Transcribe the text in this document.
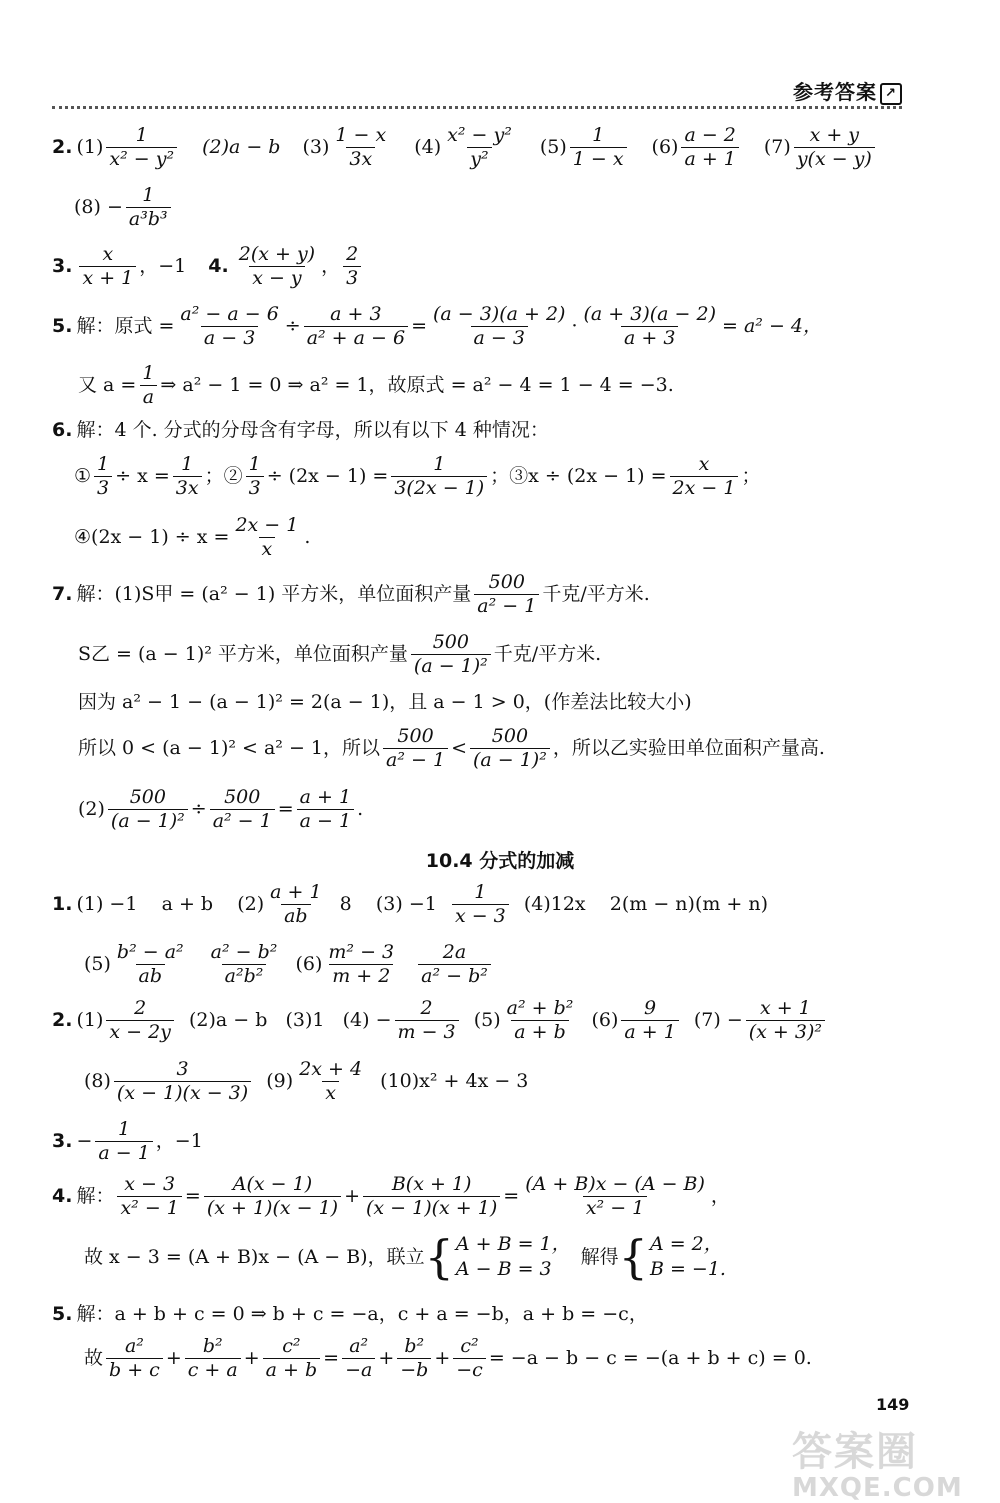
参考答案 ↗
2. $(1) \frac{1}{\text{x² − y²}} (2)a - b$ $(3) \frac{1 - x}{3x} (4) \frac{\text{x² − y²}}{\text{y²}} (5) \frac{1}{1 - x} (6) \frac{a - 2}{a + 1} (7) \frac{x + y}{y(x - y)}$
$(8) - \frac{1}{\text{a³b³}}$
3. $\frac{x}{x + 1}$ ，−1 4. $\frac{2(x + y)}{x - y}$ ， $\frac{2}{3}$
5. 解：原式 = $\frac{\text{a² − a − 6}}{a - 3} \div \frac{a + 3}{\text{a² + a − 6}} = \frac{(a - 3)(a + 2)}{a - 3} \cdot \frac{(a + 3)(a - 2)}{a + 3} = a^2 - 4$，
又 $a = \frac{1}{a}$ ⇒ a² − 1 = 0 ⇒ a² = 1，故原式 = a² − 4 = 1 − 4 = −3.
6. 解：4 个. 分式的分母含有字母，所以有以下 4 种情况：
① $\frac{1}{3} \div x = \frac{1}{3x}$ ；② $\frac{1}{3} \div (2x - 1) = \frac{1}{3(2x - 1)}$ ；③x ÷ $(2x - 1) = \frac{x}{2x - 1}$ ；
④(2x − $1) \div x = \frac{2x - 1}{x}$ .
7. 解：(1)S甲 = (a² − 1) 平方米，单位面积产量 $\frac{500}{\text{a² − 1}}$ 千克/平方米.
S乙 = (a − 1)² 平方米，单位面积产量 $\frac{500}{\text{(a − 1)²}}$ 千克/平方米.
因为 a² − 1 − (a − 1)² = 2(a − 1)，且 a − 1 > 0，(作差法比较大小)
所以 0 < (a − 1)² < a² − 1，所以 $\frac{500}{\text{a² − 1}} < \frac{500}{\text{(a − 1)²}}$ ，所以乙实验田单位面积产量高.
$(2) \frac{500}{\text{(a − 1)²}} \div \frac{500}{\text{a² − 1}} = \frac{a + 1}{a - 1}$ .
10.4 分式的加减
1. (1) −1    a + b    $(2) \frac{a + 1}{ab} 8$    $(3) -1 \frac{1}{x - 3} (4)12x$    2(m − n)(m + n)
$(5) \frac{\text{b² − a²}}{ab} \frac{\text{a² − b²}}{\text{a²b²}} (6) \frac{\text{m² − 3}}{m + 2} \frac{2a}{\text{a² − b²}}$
2. $(1) \frac{2}{x - 2y} (2)a - b$   (3)1   $(4) - \frac{2}{m - 3} (5) \frac{\text{a² + b²}}{a + b} (6) \frac{9}{a + 1} (7) - \frac{x + 1}{\text{(x + 3)²}}$
$(8) \frac{3}{(x - 1)(x - 3)} (9) \frac{2x + 4}{x} (10)x^2 + 4x - 3$
3. − $\frac{1}{a - 1}$ ，−1
4. 解： $\frac{x - 3}{\text{x² − 1}} = \frac{A(x - 1)}{(x + 1)(x - 1)} + \frac{B(x + 1)}{(x - 1)(x + 1)} = \frac{(A + B)x - (A - B)}{\text{x² − 1}}$ ，
故 x − 3 = (A + B)x − (A − B)，联立 { A + B = 1，
A − B = 3
解得 { A = 2，
B = −1.
5. 解：a + b + c = 0 ⇒ b + c = −a，c + a = −b，a + b = −c，
故 $\frac{\text{a²}}{b + c} + \frac{\text{b²}}{c + a} + \frac{\text{c²}}{a + b} = \frac{\text{a²}}{-a} + \frac{\text{b²}}{-b} + \frac{\text{c²}}{-c} = -a - b - c = -(a + b + c) = 0$.
149
答案圈
MXQE.COM
